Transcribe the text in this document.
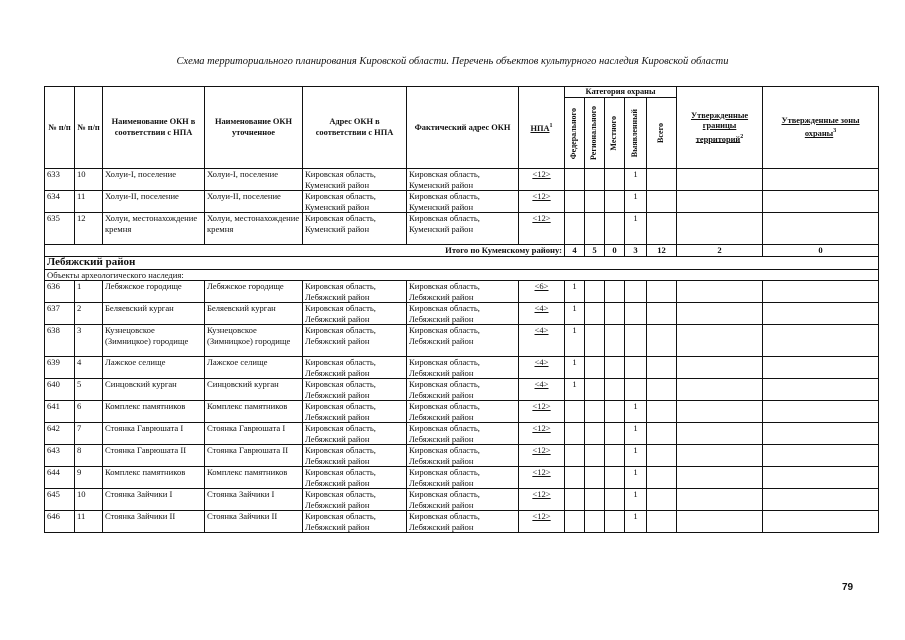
Схема территориального планирования Кировской области. Перечень объектов культурного наследия Кировской области
№ п/п	№ п/п	Наименование ОКН в соответствии с НПА	Наименование ОКН уточненное	Адрес ОКН в соответствии с НПА	Фактический адрес ОКН	НПА$^1$	Категория охраны					Утвержденные границы территорий$^2$	Утвержденные зоны охраны$^3$

							Федерального	Регионального	Местного	Выявленный	Всего		

633	10	Холуи-I, поселение	Холуи-I, поселение	Кировская область, Куменский район	Кировская область, Куменский район	<12>				1			
634	11	Холуи-II, поселение	Холуи-II, поселение	Кировская область, Куменский район	Кировская область, Куменский район	<12>				1			
635	12	Холуи, местонахождение кремня	Холуи, местонахождение кремня	Кировская область, Куменский район	Кировская область, Куменский район	<12>				1			
Итого по Куменскому району:							4	5	0	3	12	2	0
Лебяжский район													
Объекты археологического наследия:													
636	1	Лебяжское городище	Лебяжское городище	Кировская область, Лебяжский район	Кировская область, Лебяжский район	<6>	1						
637	2	Беляевский курган	Беляевский курган	Кировская область, Лебяжский район	Кировская область, Лебяжский район	<4>	1						
638	3	Кузнецовское (Зимницкое) городище	Кузнецовское (Зимницкое) городище	Кировская область, Лебяжский район	Кировская область, Лебяжский район	<4>	1						
639	4	Лажское селище	Лажское селище	Кировская область, Лебяжский район	Кировская область, Лебяжский район	<4>	1						
640	5	Синцовский курган	Синцовский курган	Кировская область, Лебяжский район	Кировская область, Лебяжский район	<4>	1						
641	6	Комплекс памятников	Комплекс памятников	Кировская область, Лебяжский район	Кировская область, Лебяжский район	<12>				1			
642	7	Стоянка Гаврюшата I	Стоянка Гаврюшата I	Кировская область, Лебяжский район	Кировская область, Лебяжский район	<12>				1			
643	8	Стоянка Гаврюшата II	Стоянка Гаврюшата II	Кировская область, Лебяжский район	Кировская область, Лебяжский район	<12>				1			
644	9	Комплекс памятников	Комплекс памятников	Кировская область, Лебяжский район	Кировская область, Лебяжский район	<12>				1			
645	10	Стоянка Зайчики I	Стоянка Зайчики I	Кировская область, Лебяжский район	Кировская область, Лебяжский район	<12>				1			
646	11	Стоянка Зайчики II	Стоянка Зайчики II	Кировская область, Лебяжский район	Кировская область, Лебяжский район	<12>				1			
79
